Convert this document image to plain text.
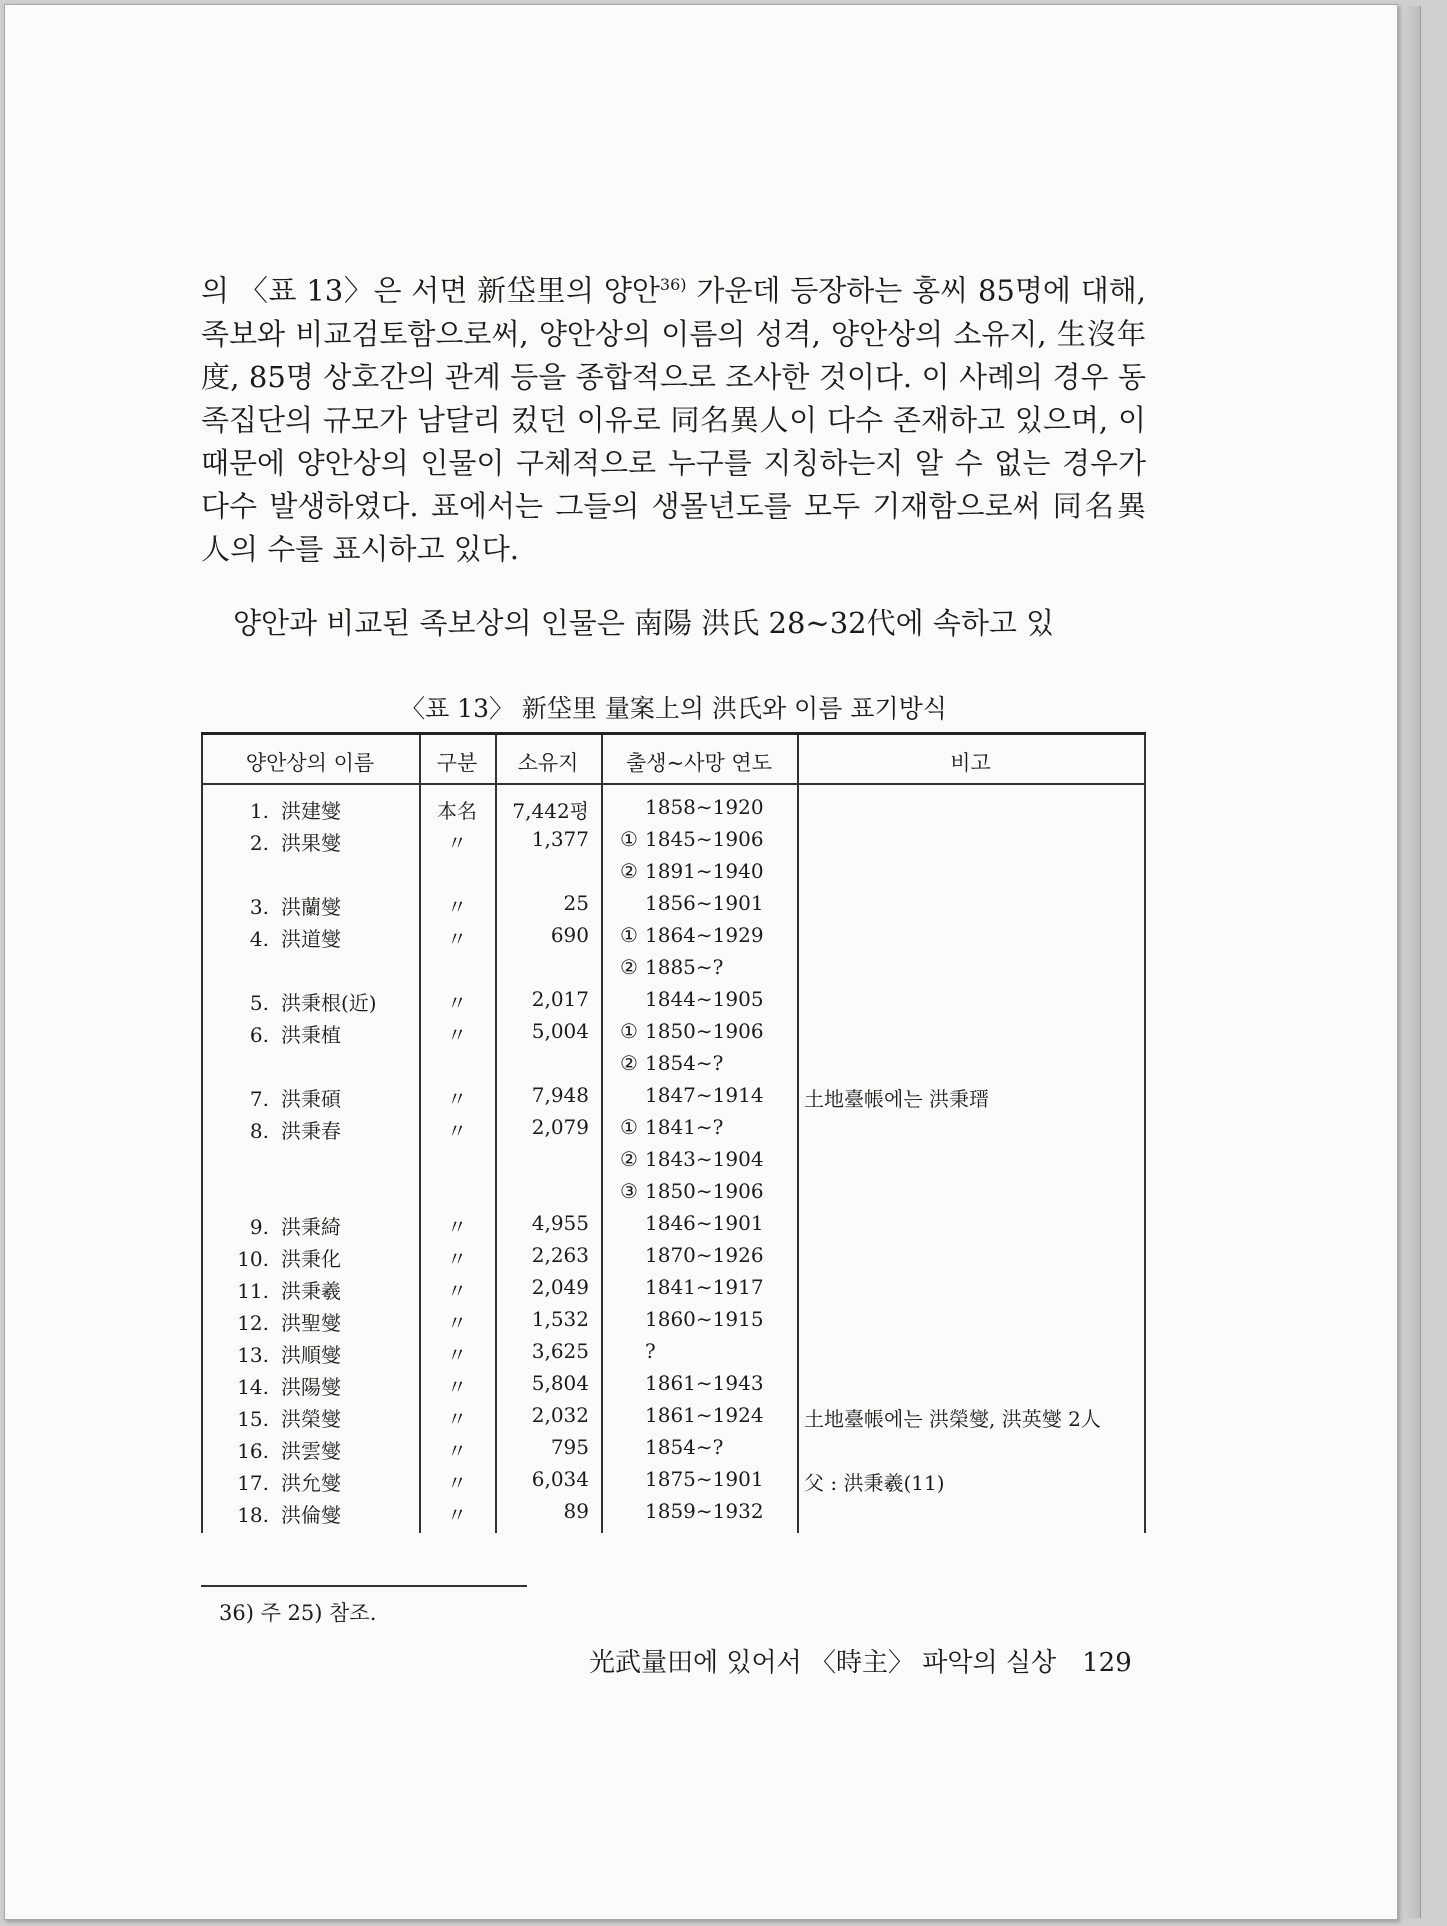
의 〈표 13〉은 서면 新垈里의 양안$^{36)}$ 가운데 등장하는 홍씨 85명에 대해, 족보와 비교검토함으로써, 양안상의 이름의 성격, 양안상의 소유지, 生沒年度, 85명 상호간의 관계 등을 종합적으로 조사한 것이다. 이 사례의 경우 동족집단의 규모가 남달리 컸던 이유로 同名異人이 다수 존재하고 있으며, 이 때문에 양안상의 인물이 구체적으로 누구를 지칭하는지 알 수 없는 경우가 다수 발생하였다. 표에서는 그들의 생몰년도를 모두 기재함으로써 同名異人의 수를 표시하고 있다.

양안과 비교된 족보상의 인물은 南陽 洪氏 28∼32代에 속하고 있

〈표 13〉 新垈里 量案上의 洪氏와 이름 표기방식
양안상의 이름	구분	소유지	출생∼사망 연도	비고
1. 洪建燮	本名	7,442평	1858∼1920
2. 洪果燮	〃	1,377	① 1845∼1906
② 1891∼1940
3. 洪蘭燮	〃	25	1856∼1901
4. 洪道燮	〃	690	① 1864∼1929
② 1885∼?
5. 洪秉根(近)	〃	2,017	1844∼1905
6. 洪秉植	〃	5,004	① 1850∼1906
② 1854∼?
7. 洪秉碩	〃	7,948	1847∼1914	土地臺帳에는 洪秉瑨
8. 洪秉春	〃	2,079	① 1841∼?
② 1843∼1904
③ 1850∼1906
9. 洪秉綺	〃	4,955	1846∼1901
10. 洪秉化	〃	2,263	1870∼1926
11. 洪秉羲	〃	2,049	1841∼1917
12. 洪聖燮	〃	1,532	1860∼1915
13. 洪順燮	〃	3,625	?
14. 洪陽燮	〃	5,804	1861∼1943
15. 洪榮燮	〃	2,032	1861∼1924	土地臺帳에는 洪榮燮, 洪英燮 2人
16. 洪雲燮	〃	795	1854∼?
17. 洪允燮	〃	6,034	1875∼1901	父 : 洪秉羲(11)
18. 洪倫燮	〃	89	1859∼1932
36) 주 25) 참조.
光武量田에 있어서 〈時主〉 파악의 실상 129
